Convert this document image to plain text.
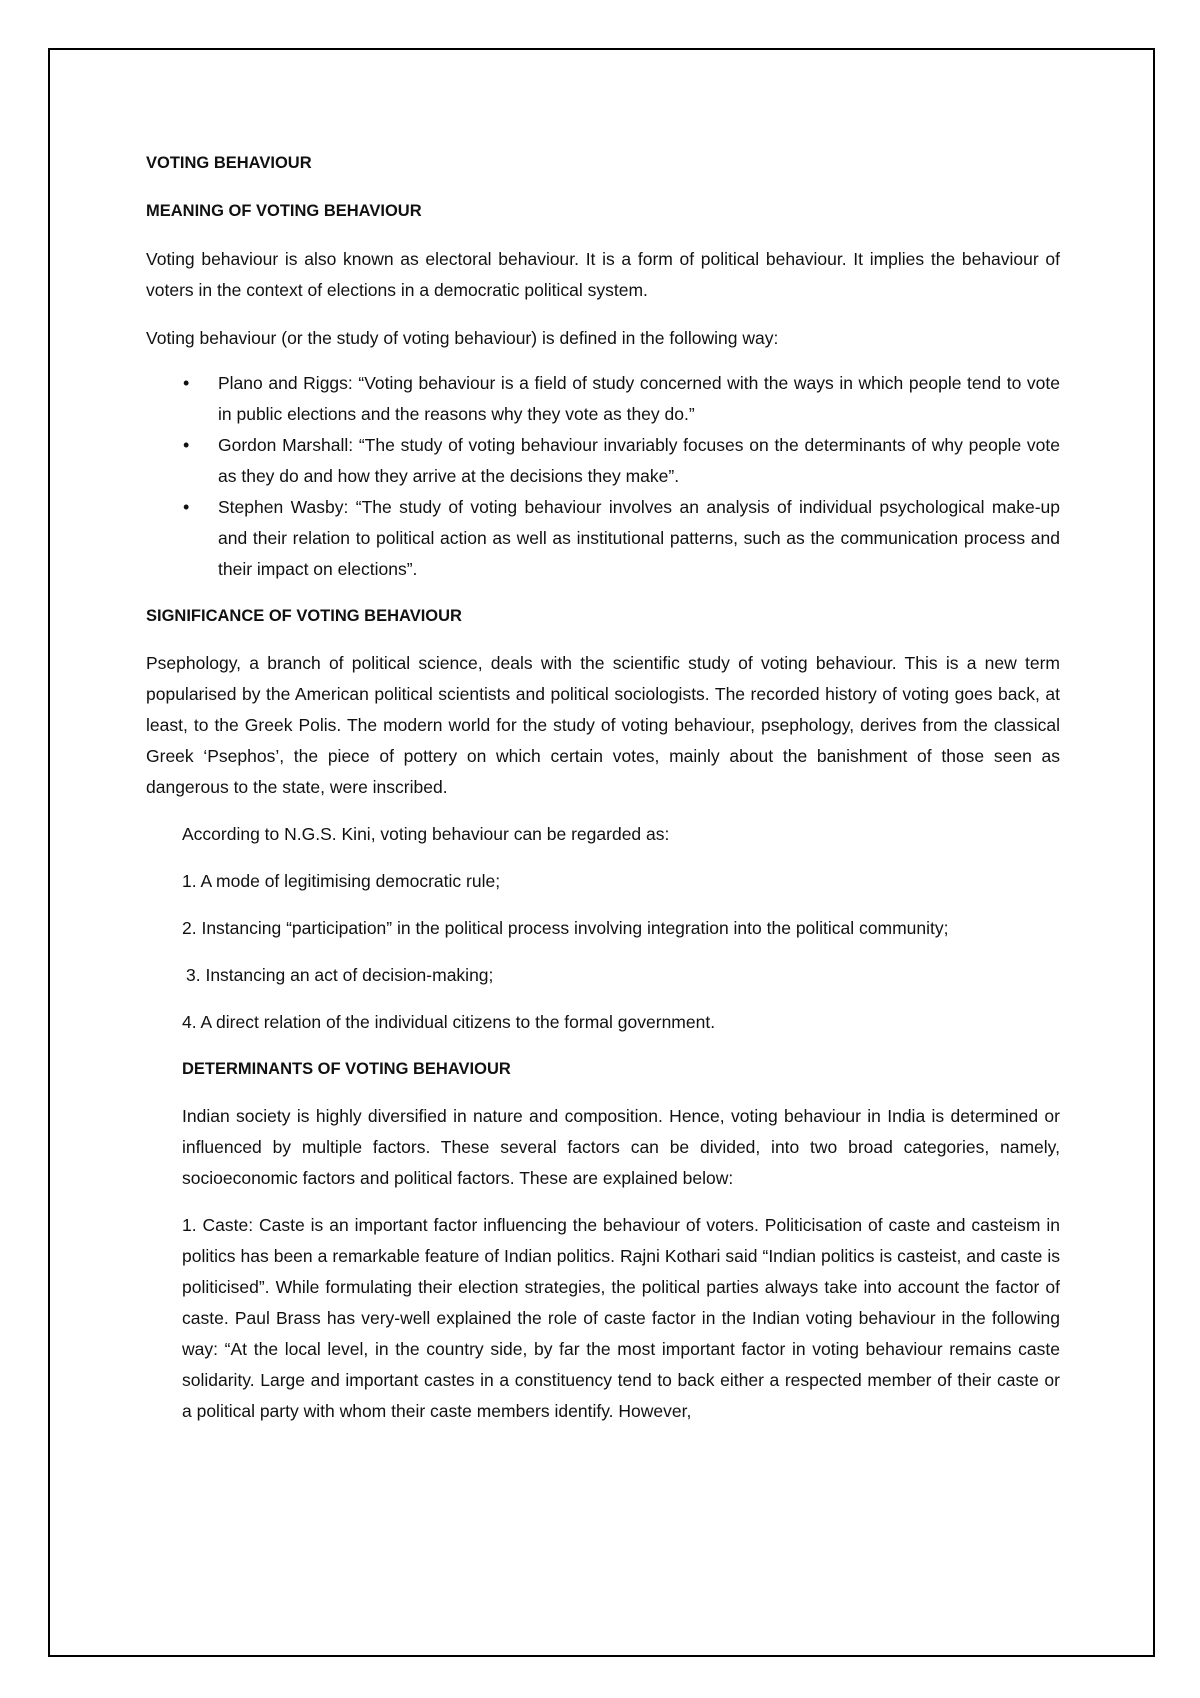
VOTING BEHAVIOUR

MEANING OF VOTING BEHAVIOUR

Voting behaviour is also known as electoral behaviour. It is a form of political behaviour. It implies the behaviour of voters in the context of elections in a democratic political system.

Voting behaviour (or the study of voting behaviour) is defined in the following way:

• Plano and Riggs: “Voting behaviour is a field of study concerned with the ways in which people tend to vote in public elections and the reasons why they vote as they do.”
• Gordon Marshall: “The study of voting behaviour invariably focuses on the determinants of why people vote as they do and how they arrive at the decisions they make”.
• Stephen Wasby: “The study of voting behaviour involves an analysis of individual psychological make-up and their relation to political action as well as institutional patterns, such as the communication process and their impact on elections”.

SIGNIFICANCE OF VOTING BEHAVIOUR

Psephology, a branch of political science, deals with the scientific study of voting behaviour. This is a new term popularised by the American political scientists and political sociologists. The recorded history of voting goes back, at least, to the Greek Polis. The modern world for the study of voting behaviour, psephology, derives from the classical Greek ‘Psephos’, the piece of pottery on which certain votes, mainly about the banishment of those seen as dangerous to the state, were inscribed.

According to N.G.S. Kini, voting behaviour can be regarded as:

1. A mode of legitimising democratic rule;

2. Instancing “participation” in the political process involving integration into the political community;

3. Instancing an act of decision-making;

4. A direct relation of the individual citizens to the formal government.

DETERMINANTS OF VOTING BEHAVIOUR

Indian society is highly diversified in nature and composition. Hence, voting behaviour in India is determined or influenced by multiple factors. These several factors can be divided, into two broad categories, namely, socioeconomic factors and political factors. These are explained below:

1. Caste: Caste is an important factor influencing the behaviour of voters. Politicisation of caste and casteism in politics has been a remarkable feature of Indian politics. Rajni Kothari said “Indian politics is casteist, and caste is politicised”. While formulating their election strategies, the political parties always take into account the factor of caste. Paul Brass has very-well explained the role of caste factor in the Indian voting behaviour in the following way: “At the local level, in the country side, by far the most important factor in voting behaviour remains caste solidarity. Large and important castes in a constituency tend to back either a respected member of their caste or a political party with whom their caste members identify. However,
